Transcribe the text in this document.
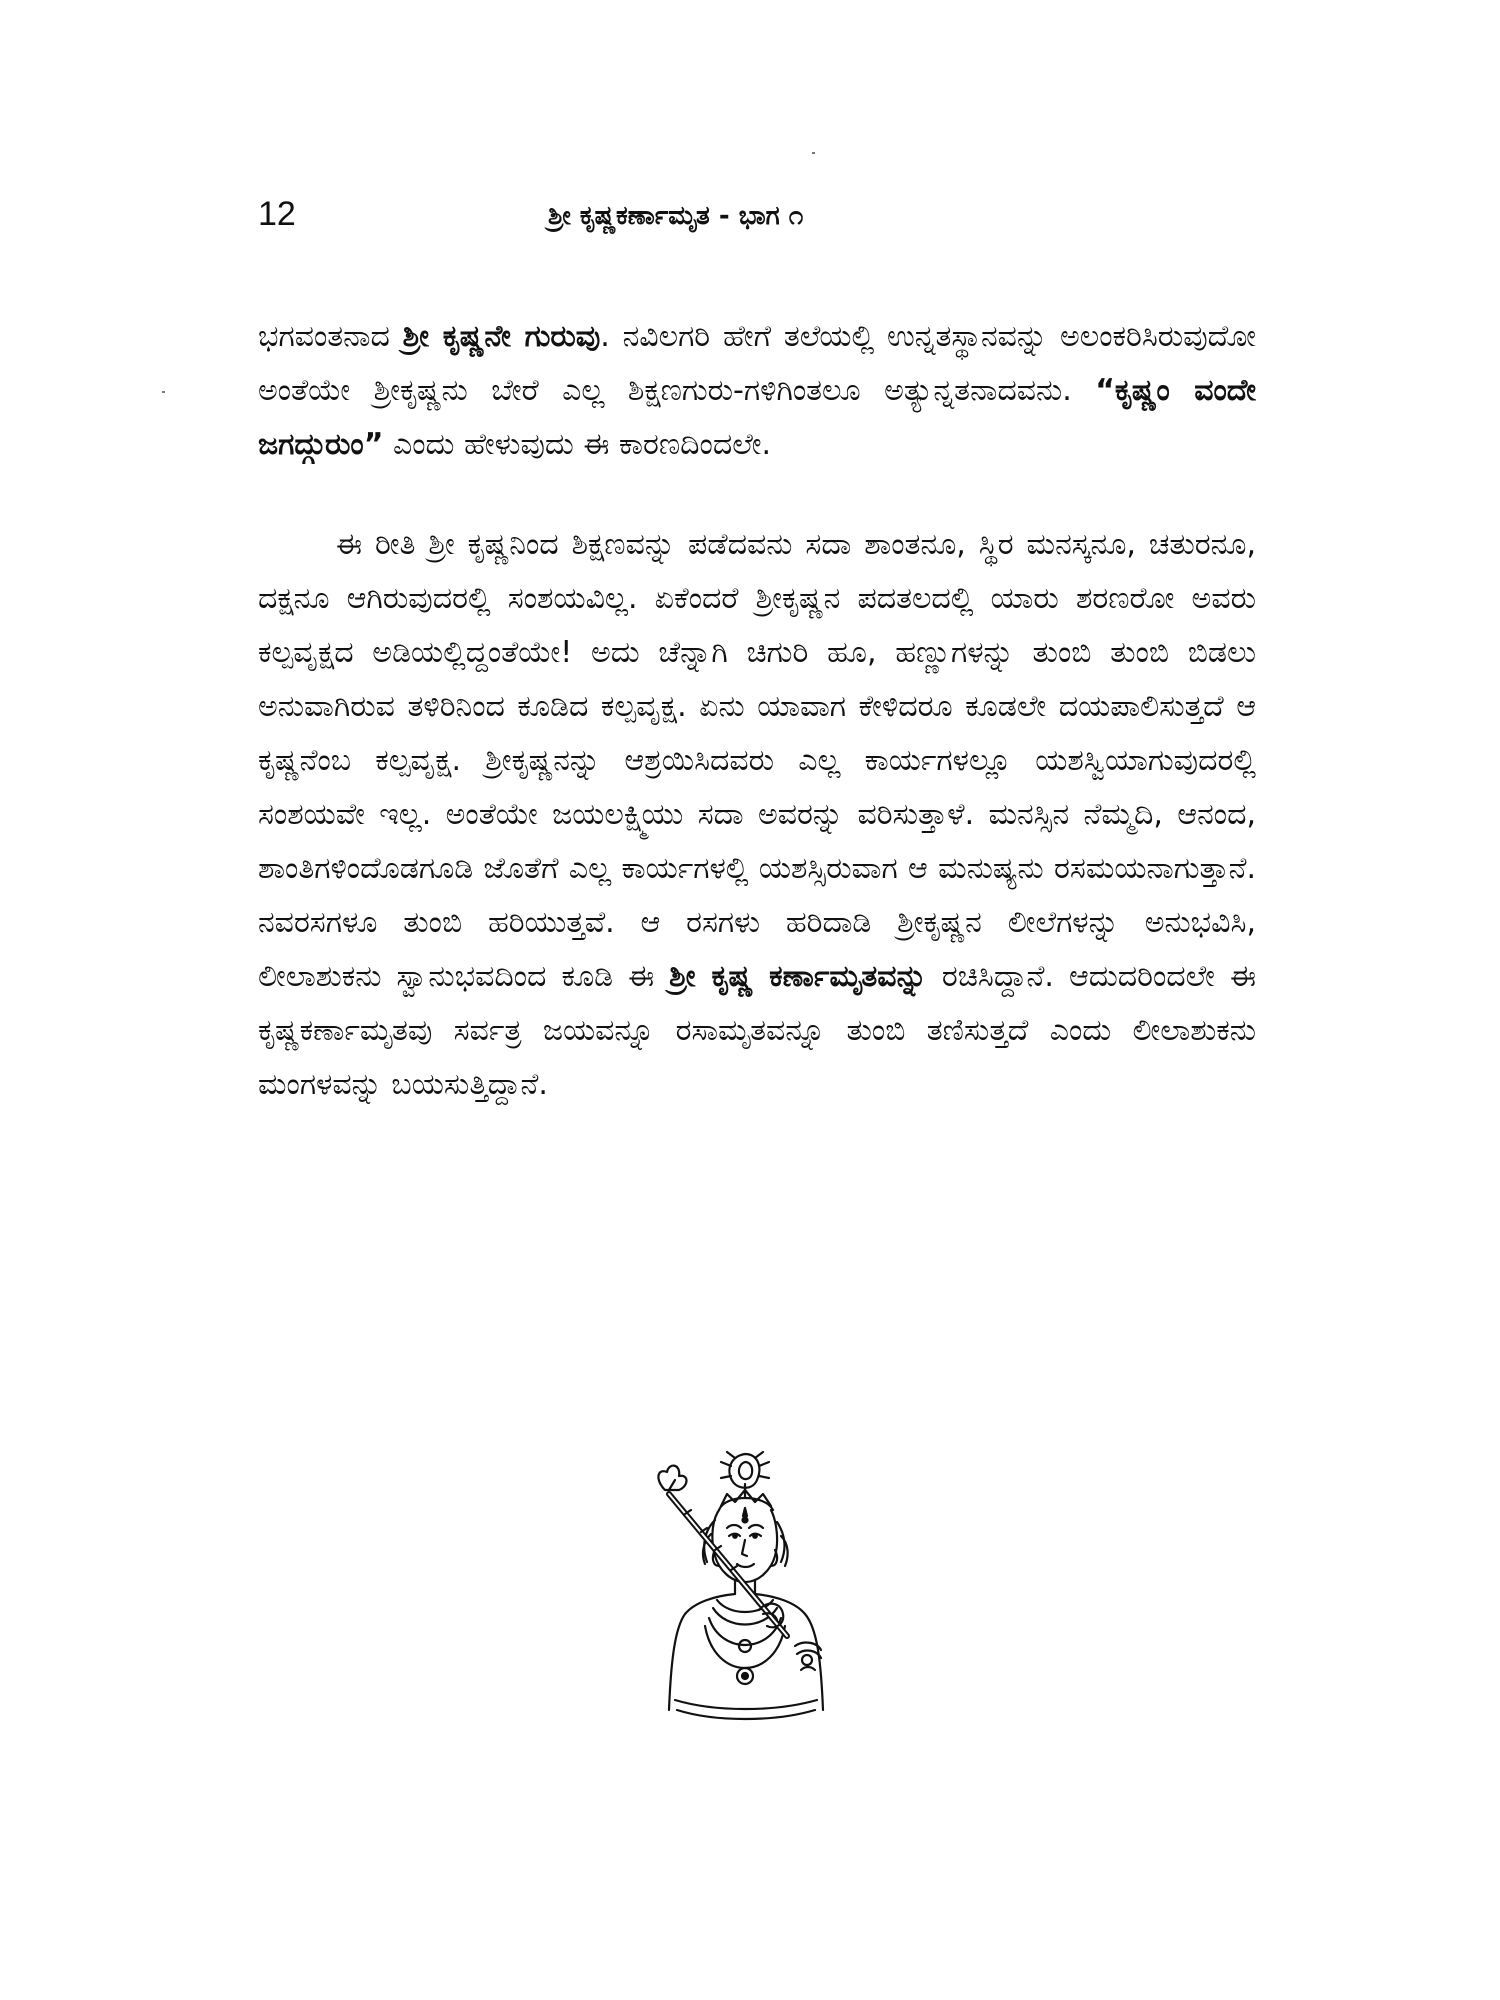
12	ಶ್ರೀ ಕೃಷ್ಣಕರ್ಣಾಮೃತ - ಭಾಗ ೧

ಭಗವಂತನಾದ ಶ್ರೀ ಕೃಷ್ಣನೇ ಗುರುವು. ನವಿಲಗರಿ ಹೇಗೆ ತಲೆಯಲ್ಲಿ ಉನ್ನತಸ್ಥಾನವನ್ನು ಅಲಂಕರಿಸಿರುವುದೋ ಅಂತೆಯೇ ಶ್ರೀಕೃಷ್ಣನು ಬೇರೆ ಎಲ್ಲ ಶಿಕ್ಷಣಗುರು-ಗಳಿಗಿಂತಲೂ ಅತ್ಯುನ್ನತನಾದವನು. “ಕೃಷ್ಣಂ ವಂದೇ ಜಗದ್ಗುರುಂ” ಎಂದು ಹೇಳುವುದು ಈ ಕಾರಣದಿಂದಲೇ.

ಈ ರೀತಿ ಶ್ರೀ ಕೃಷ್ಣನಿಂದ ಶಿಕ್ಷಣವನ್ನು ಪಡೆದವನು ಸದಾ ಶಾಂತನೂ, ಸ್ಥಿರ ಮನಸ್ಕನೂ, ಚತುರನೂ, ದಕ್ಷನೂ ಆಗಿರುವುದರಲ್ಲಿ ಸಂಶಯವಿಲ್ಲ. ಏಕೆಂದರೆ ಶ್ರೀಕೃಷ್ಣನ ಪದತಲದಲ್ಲಿ ಯಾರು ಶರಣರೋ ಅವರು ಕಲ್ಪವೃಕ್ಷದ ಅಡಿಯಲ್ಲಿದ್ದಂತೆಯೇ! ಅದು ಚೆನ್ನಾಗಿ ಚಿಗುರಿ ಹೂ, ಹಣ್ಣುಗಳನ್ನು ತುಂಬಿ ತುಂಬಿ ಬಿಡಲು ಅನುವಾಗಿರುವ ತಳಿರಿನಿಂದ ಕೂಡಿದ ಕಲ್ಪವೃಕ್ಷ. ಏನು ಯಾವಾಗ ಕೇಳಿದರೂ ಕೂಡಲೇ ದಯಪಾಲಿಸುತ್ತದೆ ಆ ಕೃಷ್ಣನೆಂಬ ಕಲ್ಪವೃಕ್ಷ. ಶ್ರೀಕೃಷ್ಣನನ್ನು ಆಶ್ರಯಿಸಿದವರು ಎಲ್ಲ ಕಾರ್ಯಗಳಲ್ಲೂ ಯಶಸ್ವಿಯಾಗುವುದರಲ್ಲಿ ಸಂಶಯವೇ ಇಲ್ಲ. ಅಂತೆಯೇ ಜಯಲಕ್ಷ್ಮಿಯು ಸದಾ ಅವರನ್ನು ವರಿಸುತ್ತಾಳೆ. ಮನಸ್ಸಿನ ನೆಮ್ಮದಿ, ಆನಂದ, ಶಾಂತಿಗಳಿಂದೊಡಗೂಡಿ ಜೊತೆಗೆ ಎಲ್ಲ ಕಾರ್ಯಗಳಲ್ಲಿ ಯಶಸ್ಸಿರುವಾಗ ಆ ಮನುಷ್ಯನು ರಸಮಯನಾಗುತ್ತಾನೆ. ನವರಸಗಳೂ ತುಂಬಿ ಹರಿಯುತ್ತವೆ. ಆ ರಸಗಳು ಹರಿದಾಡಿ ಶ್ರೀಕೃಷ್ಣನ ಲೀಲೆಗಳನ್ನು ಅನುಭವಿಸಿ, ಲೀಲಾಶುಕನು ಸ್ವಾನುಭವದಿಂದ ಕೂಡಿ ಈ ಶ್ರೀ ಕೃಷ್ಣ ಕರ್ಣಾಮೃತವನ್ನು ರಚಿಸಿದ್ದಾನೆ. ಆದುದರಿಂದಲೇ ಈ ಕೃಷ್ಣಕರ್ಣಾಮೃತವು ಸರ್ವತ್ರ ಜಯವನ್ನೂ ರಸಾಮೃತವನ್ನೂ ತುಂಬಿ ತಣಿಸುತ್ತದೆ ಎಂದು ಲೀಲಾಶುಕನು ಮಂಗಳವನ್ನು ಬಯಸುತ್ತಿದ್ದಾನೆ.
